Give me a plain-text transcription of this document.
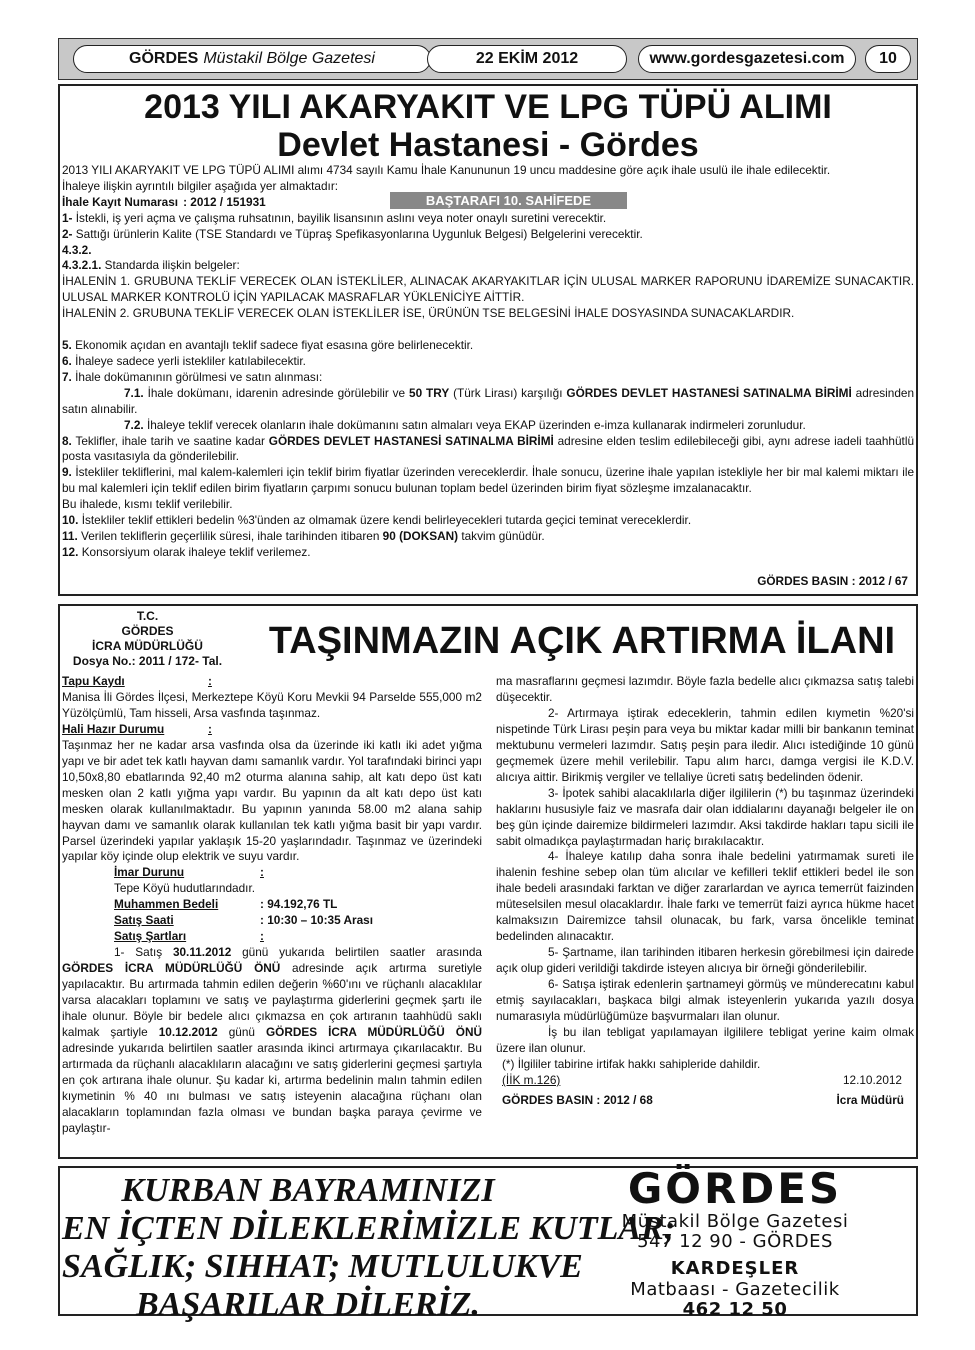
GÖRDES Müstakil Bölge Gazetesi	22 EKİM 2012	www.gordesgazetesi.com	10
2013 YILI AKARYAKIT VE LPG TÜPÜ ALIMI
Devlet Hastanesi - Gördes

2013 YILI AKARYAKIT VE LPG TÜPÜ ALIMI alımı 4734 sayılı Kamu İhale Kanununun 19 uncu maddesine göre açık ihale usulü ile ihale edilecektir.

İhaleye ilişkin ayrıntılı bilgiler aşağıda yer almaktadır:

İhale Kayıt Numarası : 2012 / 151931

1- İstekli, iş yeri açma ve çalışma ruhsatının, bayilik lisansının aslını veya noter onaylı suretini verecektir.

2- Sattığı ürünlerin Kalite (TSE Standardı ve Tüpraş Spefikasyonlarına Uygunluk Belgesi) Belgelerini verecektir.

4.3.2.

4.3.2.1. Standarda ilişkin belgeler:

İHALENİN 1. GRUBUNA TEKLİF VERECEK OLAN İSTEKLİLER, ALINACAK AKARYAKITLAR İÇİN ULUSAL MARKER RAPORUNU İDAREMİZE SUNACAKTIR. ULUSAL MARKER KONTROLÜ İÇİN YAPILACAK MASRAFLAR YÜKLENİCİYE AİTTİR.

İHALENİN 2. GRUBUNA TEKLİF VERECEK OLAN İSTEKLİLER İSE, ÜRÜNÜN TSE BELGESİNİ İHALE DOSYASINDA SUNACAKLARDIR.

5. Ekonomik açıdan en avantajlı teklif sadece fiyat esasına göre belirlenecektir.

6. İhaleye sadece yerli istekliler katılabilecektir.

7. İhale dokümanının görülmesi ve satın alınması:

7.1. İhale dokümanı, idarenin adresinde görülebilir ve 50 TRY (Türk Lirası) karşılığı GÖRDES DEVLET HASTANESİ SATINALMA BİRİMİ adresinden satın alınabilir.

7.2. İhaleye teklif verecek olanların ihale dokümanını satın almaları veya EKAP üzerinden e-imza kullanarak indirmeleri zorunludur.

8. Teklifler, ihale tarih ve saatine kadar GÖRDES DEVLET HASTANESİ SATINALMA BİRİMİ adresine elden teslim edilebileceği gibi, aynı adrese iadeli taahhütlü posta vasıtasıyla da gönderilebilir.

9. İstekliler tekliflerini, mal kalem-kalemleri için teklif birim fiyatlar üzerinden vereceklerdir. İhale sonucu, üzerine ihale yapılan istekliyle her bir mal kalemi miktarı ile bu mal kalemleri için teklif edilen birim fiyatların çarpımı sonucu bulunan toplam bedel üzerinden birim fiyat sözleşme imzalanacaktır.

Bu ihalede, kısmı teklif verilebilir.

10. İstekliler teklif ettikleri bedelin %3'ünden az olmamak üzere kendi belirleyecekleri tutarda geçici teminat vereceklerdir.

11. Verilen tekliflerin geçerlilik süresi, ihale tarihinden itibaren 90 (DOKSAN) takvim günüdür.

12. Konsorsiyum olarak ihaleye teklif verilemez.

BAŞTARAFI 10. SAHİFEDE
GÖRDES BASIN : 2012 / 67

T.C.

GÖRDES

İCRA MÜDÜRLÜĞÜ

Dosya No.: 2011 / 172- Tal.	TAŞINMAZIN AÇIK ARTIRMA İLANI

Tapu Kaydı	:

Manisa İli Gördes İlçesi, Merkeztepe Köyü Koru Mevkii 94 Parselde 555,000 m2 Yüzölçümlü, Tam hisseli, Arsa vasfında taşınmaz.

Hali Hazır Durumu	:

Taşınmaz her ne kadar arsa vasfında olsa da üzerinde iki katlı iki adet yığma yapı ve bir adet tek katlı hayvan damı samanlık vardır. Yol tarafındaki birinci yapı 10,50x8,80 ebatlarında 92,40 m2 oturma alanına sahip, alt katı depo üst katı mesken olan 2 katlı yığma yapı vardır. Bu yapının da alt katı depo üst katı mesken olarak kullanılmaktadır. Bu yapının yanında 58.00 m2 alana sahip hayvan damı ve samanlık olarak kullanılan tek katlı yığma basit bir yapı vardır. Parsel üzerindeki yapılar yaklaşık 15-20 yaşlarındadır. Taşınmaz ve üzerindeki yapılar köy içinde olup elektrik ve suyu vardır.

İmar Durunu	:

Tepe Köyü hudutlarındadır.

Muhammen Bedeli	: 94.192,76 TL

Satış Saati	: 10:30 – 10:35 Arası

Satış Şartları	:

1- Satış 30.11.2012 günü yukarıda belirtilen saatler arasında GÖRDES İCRA MÜDÜRLÜĞÜ ÖNÜ adresinde açık artırma suretiyle yapılacaktır. Bu artırmada tahmin edilen değerin %60'ını ve rüçhanlı alacaklılar varsa alacakları toplamını ve satış ve paylaştırma giderlerini geçmek şartı ile ihale olunur. Böyle bir bedele alıcı çıkmazsa en çok artıranın taahhüdü saklı kalmak şartiyle 10.12.2012 günü GÖRDES İCRA MÜDÜRLÜĞÜ ÖNÜ adresinde yukarıda belirtilen saatler arasında ikinci artırmaya çıkarılacaktır. Bu artırmada da rüçhanlı alacaklıların alacağını ve satış giderlerini geçmesi şartıyla en çok artırana ihale olunur. Şu kadar ki, artırma bedelinin malın tahmin edilen kıymetinin % 40 ını bulması ve satış isteyenin alacağına rüçhanı olan alacakların toplamından fazla olması ve bundan başka paraya çevirme ve paylaştır-

ma masraflarını geçmesi lazımdır. Böyle fazla bedelle alıcı çıkmazsa satış talebi düşecektir.

2- Artırmaya iştirak edeceklerin, tahmin edilen kıymetin %20'si nispetinde Türk Lirası peşin para veya bu miktar kadar milli bir bankanın teminat mektubunu vermeleri lazımdır. Satış peşin para iledir. Alıcı istediğinde 10 günü geçmemek üzere mehil verilebilir. Tapu alım harcı, damga vergisi ile K.D.V. alıcıya aittir. Birikmiş vergiler ve tellaliye ücreti satış bedelinden ödenir.

3- İpotek sahibi alacaklılarla diğer ilgililerin (*) bu taşınmaz üzerindeki haklarını hususiyle faiz ve masrafa dair olan iddialarını dayanağı belgeler ile on beş gün içinde dairemize bildirmeleri lazımdır. Aksi takdirde hakları tapu sicili ile sabit olmadıkça paylaştırmadan hariç bırakılacaktır.

4- İhaleye katılıp daha sonra ihale bedelini yatırmamak sureti ile ihalenin feshine sebep olan tüm alıcılar ve kefilleri teklif ettikleri bedel ile son ihale bedeli arasındaki farktan ve diğer zararlardan ve ayrıca temerrüt faizinden müteselsilen mesul olacaklardır. İhale farkı ve temerrüt faizi ayrıca hükme hacet kalmaksızın Dairemizce tahsil olunacak, bu fark, varsa öncelikle teminat bedelinden alınacaktır.

5- Şartname, ilan tarihinden itibaren herkesin görebilmesi için dairede açık olup gideri verildiği takdirde isteyen alıcıya bir örneği gönderilebilir.

6- Satışa iştirak edenlerin şartnameyi görmüş ve münderecatını kabul etmiş sayılacakları, başkaca bilgi almak isteyenlerin yukarıda yazılı dosya numarasıyla müdürlüğümüze başvurmaları ilan olunur.

İş bu ilan tebligat yapılamayan ilgililere tebligat yerine kaim olmak üzere ilan olunur.

(*) İlgililer tabirine irtifak hakkı sahipleride dahildir.

(İİK m.126)	12.10.2012

GÖRDES BASIN : 2012 / 68	İcra Müdürü

KURBAN BAYRAMINIZI

EN İÇTEN DİLEKLERİMİZLE KUTLAR;

SAĞLIK; SIHHAT; MUTLULUKVE

BAŞARILAR DİLERİZ.

GÖRDES

Müstakil Bölge Gazetesi

547 12 90 - GÖRDES

KARDEŞLER

Matbaası - Gazetecilik

462 12 50
